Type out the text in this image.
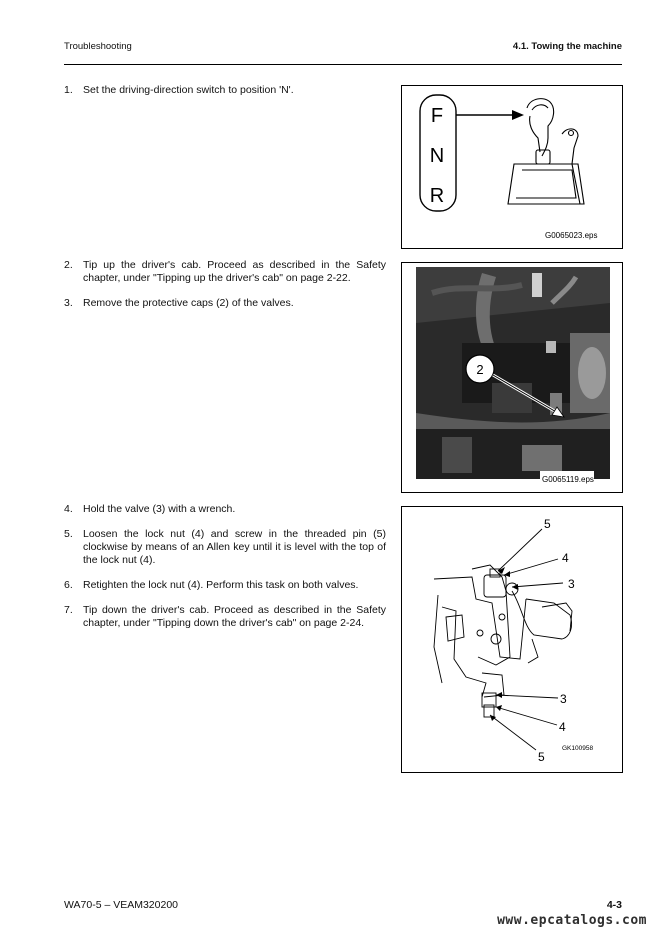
Troubleshooting	4.1. Towing the machine
1. Set the driving-direction switch to position 'N'.
2. Tip up the driver's cab. Proceed as described in the Safety chapter, under "Tipping up the driver's cab" on page 2-22.
3. Remove the protective caps (2) of the valves.
4. Hold the valve (3) with a wrench.
5. Loosen the lock nut (4) and screw in the threaded pin (5) clockwise by means of an Allen key until it is level with the top of the lock nut (4).
6. Retighten the lock nut (4). Perform this task on both valves.
7. Tip down the driver's cab. Proceed as described in the Safety chapter, under "Tipping down the driver's cab" on page 2-24.
F
N
R
G0065023.eps
2
G0065119.eps
5
4
3
3
4
5
GK100958
WA70-5 – VEAM320200	4-3
www.epcatalogs.com
